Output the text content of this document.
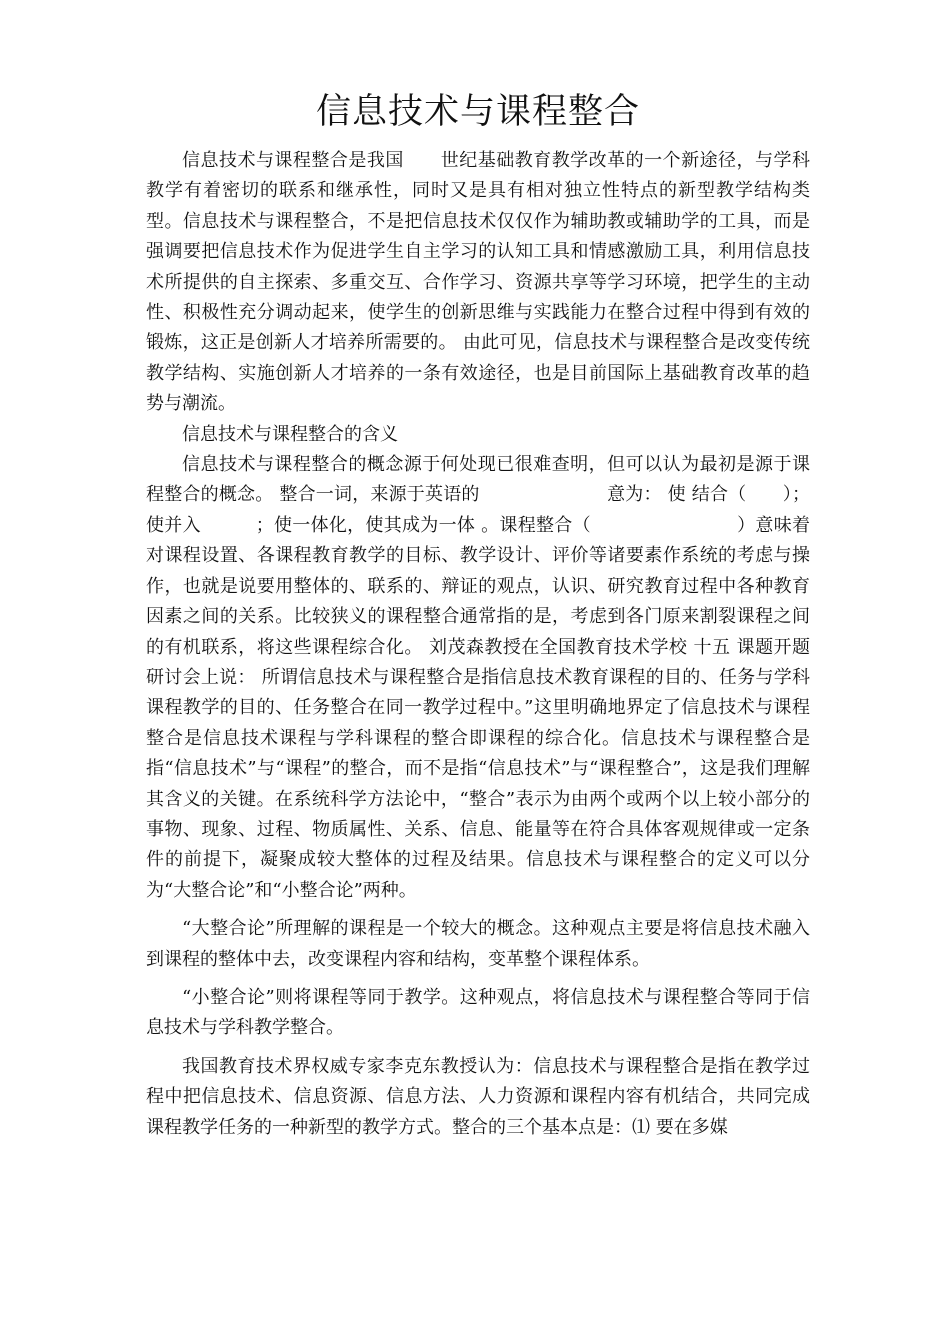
信息技术与课程整合

信息技术与课程整合是我国　　世纪基础教育教学改革的一个新途径，与学科教学有着密切的联系和继承性，同时又是具有相对独立性特点的新型教学结构类型。信息技术与课程整合，不是把信息技术仅仅作为辅助教或辅助学的工具，而是强调要把信息技术作为促进学生自主学习的认知工具和情感激励工具，利用信息技术所提供的自主探索、多重交互、合作学习、资源共享等学习环境，把学生的主动性、积极性充分调动起来，使学生的创新思维与实践能力在整合过程中得到有效的锻炼，这正是创新人才培养所需要的。 由此可见，信息技术与课程整合是改变传统教学结构、实施创新人才培养的一条有效途径，也是目前国际上基础教育改革的趋势与潮流。

信息技术与课程整合的含义

信息技术与课程整合的概念源于何处现已很难查明，但可以认为最初是源于课程整合的概念。 整合一词，来源于英语的　　　　　　　意为： 使 结合（　　）；使并入　　　；使一体化，使其成为一体 。课程整合（　　　　　　　　）意味着对课程设置、各课程教育教学的目标、教学设计、评价等诸要素作系统的考虑与操作，也就是说要用整体的、联系的、辩证的观点，认识、研究教育过程中各种教育因素之间的关系。比较狭义的课程整合通常指的是，考虑到各门原来割裂课程之间的有机联系，将这些课程综合化。 刘茂森教授在全国教育技术学校 十五 课题开题研讨会上说： 所谓信息技术与课程整合是指信息技术教育课程的目的、任务与学科课程教学的目的、任务整合在同一教学过程中。”这里明确地界定了信息技术与课程整合是信息技术课程与学科课程的整合即课程的综合化。信息技术与课程整合是指“信息技术”与“课程”的整合，而不是指“信息技术”与“课程整合”，这是我们理解其含义的关键。在系统科学方法论中，“整合”表示为由两个或两个以上较小部分的事物、现象、过程、物质属性、关系、信息、能量等在符合具体客观规律或一定条件的前提下，凝聚成较大整体的过程及结果。信息技术与课程整合的定义可以分为“大整合论”和“小整合论”两种。

“大整合论”所理解的课程是一个较大的概念。这种观点主要是将信息技术融入到课程的整体中去，改变课程内容和结构，变革整个课程体系。

“小整合论”则将课程等同于教学。这种观点，将信息技术与课程整合等同于信息技术与学科教学整合。

我国教育技术界权威专家李克东教授认为：信息技术与课程整合是指在教学过程中把信息技术、信息资源、信息方法、人力资源和课程内容有机结合，共同完成课程教学任务的一种新型的教学方式。整合的三个基本点是：⑴ 要在多媒
